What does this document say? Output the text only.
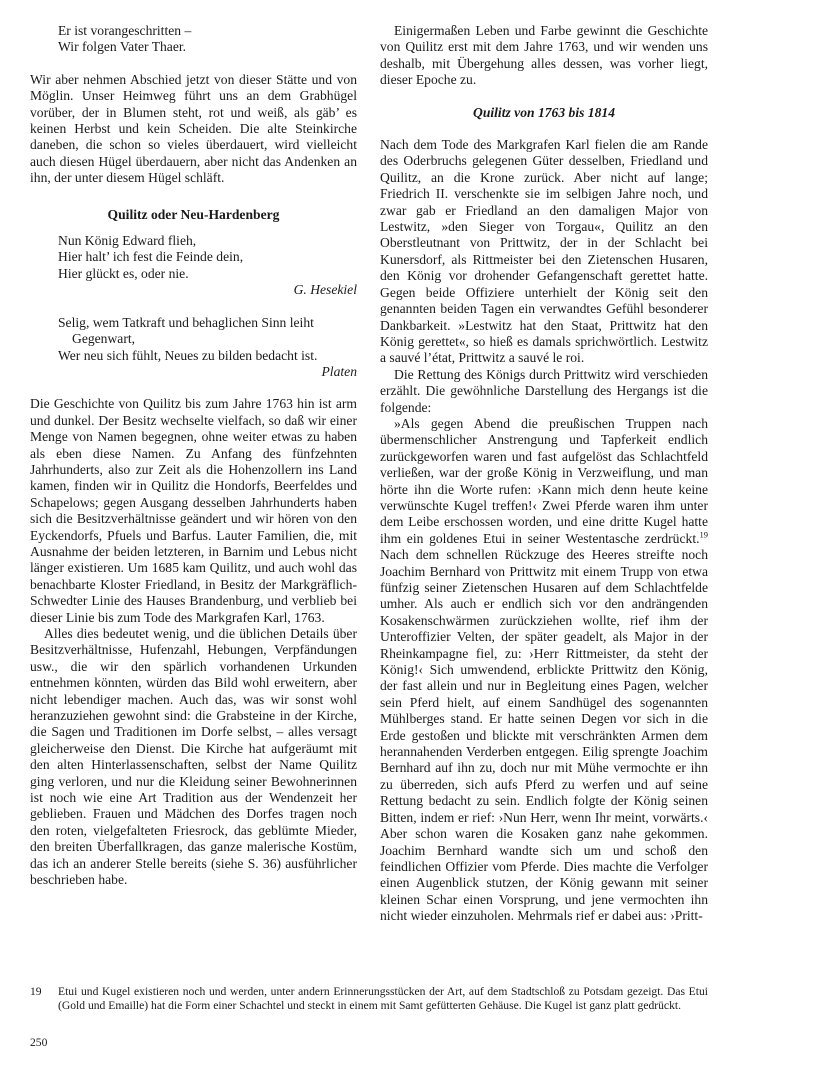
Er ist vorangeschritten –

Wir folgen Vater Thaer.

Wir aber nehmen Abschied jetzt von dieser Stätte und von Möglin. Unser Heimweg führt uns an dem Grabhügel vorüber, der in Blumen steht, rot und weiß, als gäb’ es keinen Herbst und kein Scheiden. Die alte Steinkirche daneben, die schon so vieles überdauert, wird vielleicht auch diesen Hügel überdauern, aber nicht das Andenken an ihn, der unter diesem Hügel schläft.

Quilitz oder Neu-Hardenberg

Nun König Edward flieh,

Hier halt’ ich fest die Feinde dein,

Hier glückt es, oder nie.

G. Hesekiel

Selig, wem Tatkraft und behaglichen Sinn leiht

Gegenwart,

Wer neu sich fühlt, Neues zu bilden bedacht ist.

Platen

Die Geschichte von Quilitz bis zum Jahre 1763 hin ist arm und dunkel. Der Besitz wechselte vielfach, so daß wir einer Menge von Namen begegnen, ohne weiter etwas zu haben als eben diese Namen. Zu Anfang des fünfzehnten Jahrhunderts, also zur Zeit als die Hohenzollern ins Land kamen, finden wir in Quilitz die Hondorfs, Beerfeldes und Schapelows; gegen Ausgang desselben Jahrhunderts haben sich die Besitzverhältnisse geändert und wir hören von den Eyckendorfs, Pfuels und Barfus. Lauter Familien, die, mit Ausnahme der beiden letzteren, in Barnim und Lebus nicht länger existieren. Um 1685 kam Quilitz, und auch wohl das benachbarte Kloster Friedland, in Besitz der Markgräflich-Schwedter Linie des Hauses Brandenburg, und verblieb bei dieser Linie bis zum Tode des Markgrafen Karl, 1763.

Alles dies bedeutet wenig, und die üblichen Details über Besitzverhältnisse, Hufenzahl, Hebungen, Verpfändungen usw., die wir den spärlich vorhandenen Urkunden entnehmen könnten, würden das Bild wohl erweitern, aber nicht lebendiger machen. Auch das, was wir sonst wohl heranzuziehen gewohnt sind: die Grabsteine in der Kirche, die Sagen und Traditionen im Dorfe selbst, – alles versagt gleicherweise den Dienst. Die Kirche hat aufgeräumt mit den alten Hinterlassenschaften, selbst der Name Quilitz ging verloren, und nur die Kleidung seiner Bewohnerinnen ist noch wie eine Art Tradition aus der Wendenzeit her geblieben. Frauen und Mädchen des Dorfes tragen noch den roten, vielgefalteten Friesrock, das geblümte Mieder, den breiten Überfallkragen, das ganze malerische Kostüm, das ich an anderer Stelle bereits (siehe S. 36) ausführlicher beschrieben habe.

Einigermaßen Leben und Farbe gewinnt die Geschichte von Quilitz erst mit dem Jahre 1763, und wir wenden uns deshalb, mit Übergehung alles dessen, was vorher liegt, dieser Epoche zu.

Quilitz von 1763 bis 1814

Nach dem Tode des Markgrafen Karl fielen die am Rande des Oderbruchs gelegenen Güter desselben, Friedland und Quilitz, an die Krone zurück. Aber nicht auf lange; Friedrich II. verschenkte sie im selbigen Jahre noch, und zwar gab er Friedland an den damaligen Major von Lestwitz, »den Sieger von Torgau«, Quilitz an den Oberstleutnant von Prittwitz, der in der Schlacht bei Kunersdorf, als Rittmeister bei den Zietenschen Husaren, den König vor drohender Gefangenschaft gerettet hatte. Gegen beide Offiziere unterhielt der König seit den genannten beiden Tagen ein verwandtes Gefühl besonderer Dankbarkeit. »Lestwitz hat den Staat, Prittwitz hat den König gerettet«, so hieß es damals sprichwörtlich. Lestwitz a sauvé l’état, Prittwitz a sauvé le roi.

Die Rettung des Königs durch Prittwitz wird verschieden erzählt. Die gewöhnliche Darstellung des Hergangs ist die folgende:

»Als gegen Abend die preußischen Truppen nach übermenschlicher Anstrengung und Tapferkeit endlich zurückgeworfen waren und fast aufgelöst das Schlachtfeld verließen, war der große König in Verzweiflung, und man hörte ihn die Worte rufen: ›Kann mich denn heute keine verwünschte Kugel treffen!‹ Zwei Pferde waren ihm unter dem Leibe erschossen worden, und eine dritte Kugel hatte ihm ein goldenes Etui in seiner Westentasche zerdrückt.$^{19}$ Nach dem schnellen Rückzuge des Heeres streifte noch Joachim Bernhard von Prittwitz mit einem Trupp von etwa fünfzig seiner Zietenschen Husaren auf dem Schlachtfelde umher. Als auch er endlich sich vor den andrängenden Kosakenschwärmen zurückziehen wollte, rief ihm der Unteroffizier Velten, der später geadelt, als Major in der Rheinkampagne fiel, zu: ›Herr Rittmeister, da steht der König!‹ Sich umwendend, erblickte Prittwitz den König, der fast allein und nur in Begleitung eines Pagen, welcher sein Pferd hielt, auf einem Sandhügel des sogenannten Mühlberges stand. Er hatte seinen Degen vor sich in die Erde gestoßen und blickte mit verschränkten Armen dem herannahenden Verderben entgegen. Eilig sprengte Joachim Bernhard auf ihn zu, doch nur mit Mühe vermochte er ihn zu überreden, sich aufs Pferd zu werfen und auf seine Rettung bedacht zu sein. Endlich folgte der König seinen Bitten, indem er rief: ›Nun Herr, wenn Ihr meint, vorwärts.‹ Aber schon waren die Kosaken ganz nahe gekommen. Joachim Bernhard wandte sich um und schoß den feindlichen Offizier vom Pferde. Dies machte die Verfolger einen Augenblick stutzen, der König gewann mit seiner kleinen Schar einen Vorsprung, und jene vermochten ihn nicht wieder einzuholen. Mehrmals rief er dabei aus: ›Pritt-

19 Etui und Kugel existieren noch und werden, unter andern Erinnerungsstücken der Art, auf dem Stadtschloß zu Potsdam gezeigt. Das Etui (Gold und Emaille) hat die Form einer Schachtel und steckt in einem mit Samt gefütterten Gehäuse. Die Kugel ist ganz platt gedrückt.

250
